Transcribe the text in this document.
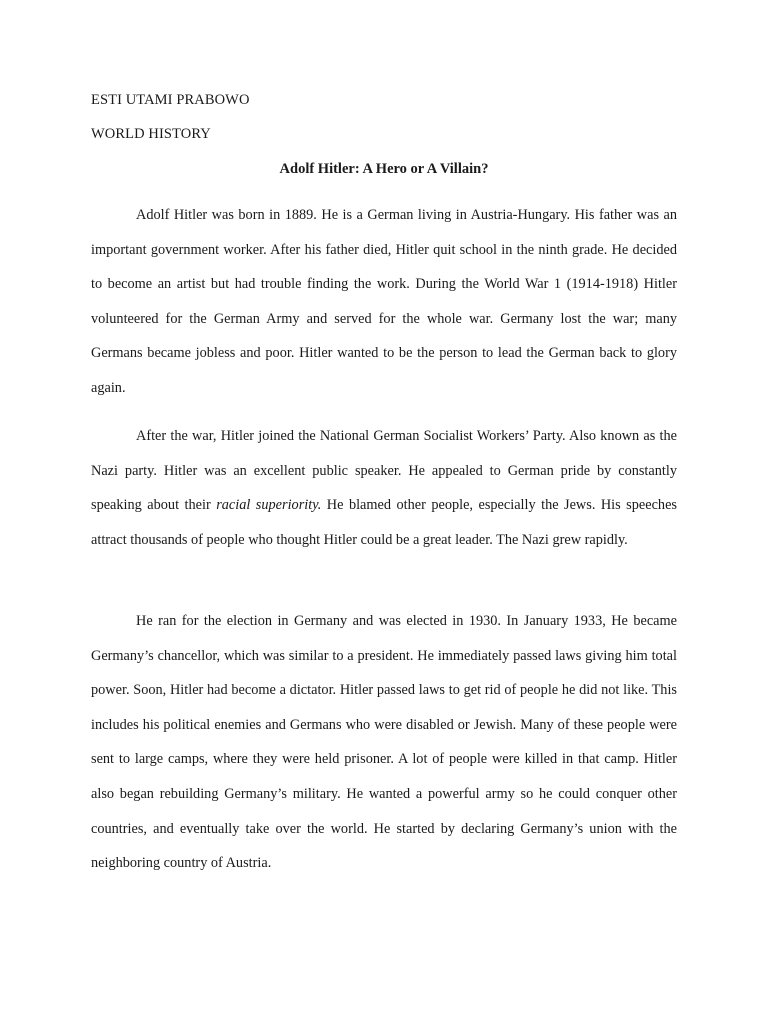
ESTI UTAMI PRABOWO
WORLD HISTORY
Adolf Hitler: A Hero or A Villain?

Adolf Hitler was born in 1889. He is a German living in Austria-Hungary. His father was an important government worker. After his father died, Hitler quit school in the ninth grade. He decided to become an artist but had trouble finding the work. During the World War 1 (1914-1918) Hitler volunteered for the German Army and served for the whole war. Germany lost the war; many Germans became jobless and poor. Hitler wanted to be the person to lead the German back to glory again.

After the war, Hitler joined the National German Socialist Workers’ Party. Also known as the Nazi party. Hitler was an excellent public speaker. He appealed to German pride by constantly speaking about their racial superiority. He blamed other people, especially the Jews. His speeches attract thousands of people who thought Hitler could be a great leader. The Nazi grew rapidly.

He ran for the election in Germany and was elected in 1930. In January 1933, He became Germany’s chancellor, which was similar to a president. He immediately passed laws giving him total power. Soon, Hitler had become a dictator. Hitler passed laws to get rid of people he did not like. This includes his political enemies and Germans who were disabled or Jewish. Many of these people were sent to large camps, where they were held prisoner. A lot of people were killed in that camp. Hitler also began rebuilding Germany’s military. He wanted a powerful army so he could conquer other countries, and eventually take over the world. He started by declaring Germany’s union with the neighboring country of Austria.
